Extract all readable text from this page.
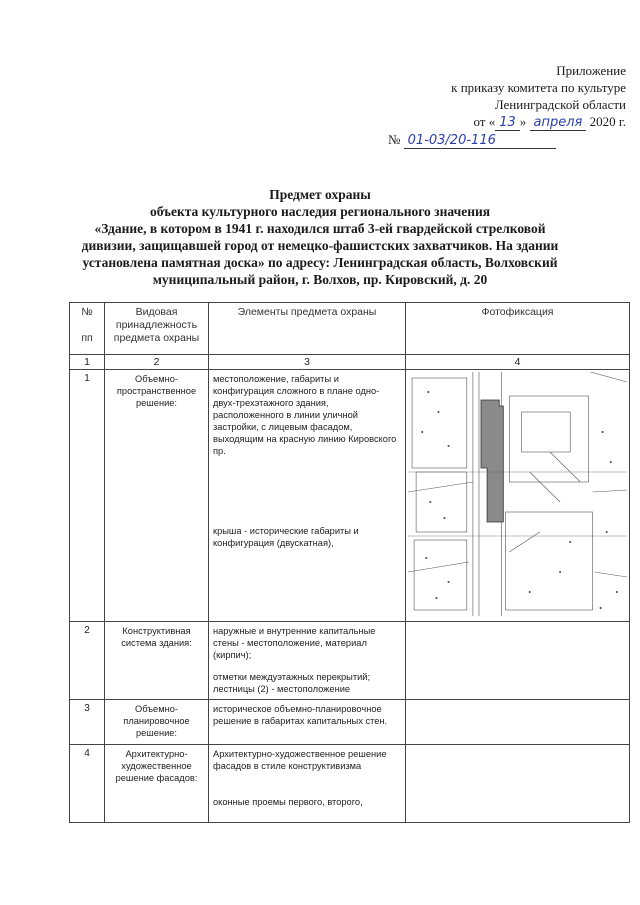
Приложение
к приказу комитета по культуре
Ленинградской области
от « 13 » апреля 2020 г.
№ 01-03/20-116
Предмет охраны
объекта культурного наследия регионального значения
«Здание, в котором в 1941 г. находился штаб 3-ей гвардейской стрелковой
дивизии, защищавшей город от немецко-фашистских захватчиков. На здании
установлена памятная доска» по адресу: Ленинградская область, Волховский
муниципальный район, г. Волхов, пр. Кировский, д. 20
№

пп	Видовая принадлежность предмета охраны	Элементы предмета охраны	Фотофиксация
1	2	3	4
1	Объемно-пространственное решение:	местоположение, габариты и конфигурация сложного в плане одно-двух-трехэтажного здания, расположенного в линии уличной застройки, с лицевым фасадом, выходящим на красную линию Кировского пр.
крыша - исторические габариты и конфигурация (двускатная),

2	Конструктивная система здания:	наружные и внутренние капитальные стены - местоположение, материал (кирпич);
отметки междуэтажных перекрытий; лестницы (2) - местоположение	

3	Объемно-планировочное решение:	историческое объемно-планировочное решение в габаритах капитальных стен.	

4	Архитектурно-художественное решение фасадов:	Архитектурно-художественное решение фасадов в стиле конструктивизма
оконные проемы первого, второго,	
